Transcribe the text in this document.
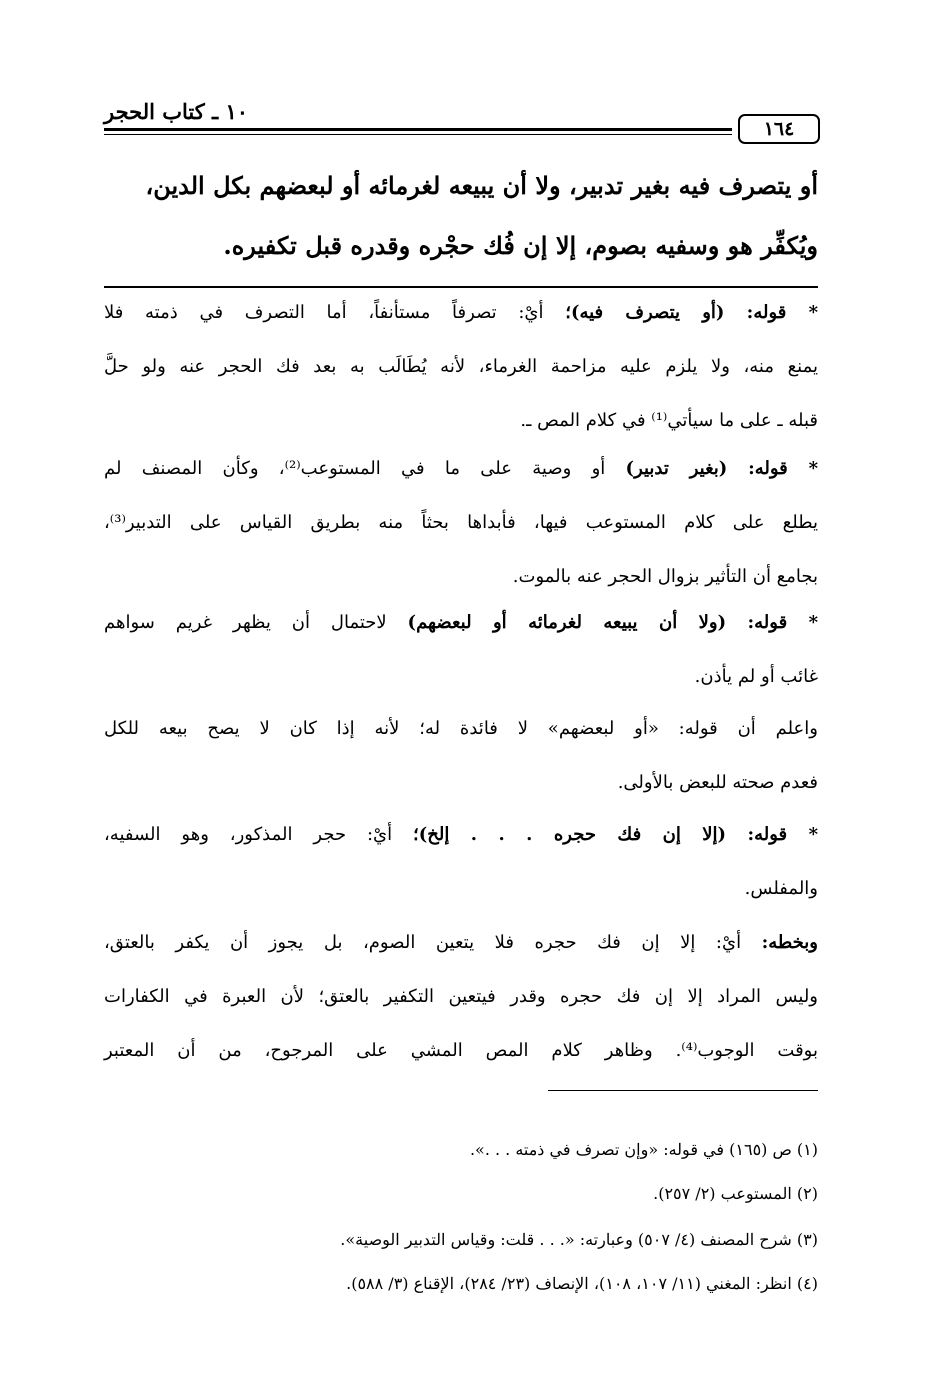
١٠ ـ كتاب الحجر
١٦٤
أو يتصرف فيه بغير تدبير، ولا أن يبيعه لغرمائه أو لبعضهم بكل الدين،
ويُكفِّر هو وسفيه بصوم، إلا إن فُك حجْره وقدره قبل تكفيره.
* قوله: (أو يتصرف فيه)؛ أيْ: تصرفاً مستأنفاً، أما التصرف في ذمته فلا
يمنع منه، ولا يلزم عليه مزاحمة الغرماء، لأنه يُطَالَب به بعد فك الحجر عنه ولو حلَّ
قبله ـ على ما سيأتي⁽¹⁾ في كلام المص ـ.
* قوله: (بغير تدبير) أو وصية على ما في المستوعب⁽²⁾، وكأن المصنف لم
يطلع على كلام المستوعب فيها، فأبداها بحثاً منه بطريق القياس على التدبير⁽³⁾،
بجامع أن التأثير بزوال الحجر عنه بالموت.
* قوله: (ولا أن يبيعه لغرمائه أو لبعضهم) لاحتمال أن يظهر غريم سواهم
غائب أو لم يأذن.
واعلم أن قوله: «أو لبعضهم» لا فائدة له؛ لأنه إذا كان لا يصح بيعه للكل
فعدم صحته للبعض بالأولى.
* قوله: (إلا إن فك حجره . . . إلخ)؛ أيْ: حجر المذكور، وهو السفيه،
والمفلس.
وبخطه: أيْ: إلا إن فك حجره فلا يتعين الصوم، بل يجوز أن يكفر بالعتق،
وليس المراد إلا إن فك حجره وقدر فيتعين التكفير بالعتق؛ لأن العبرة في الكفارات
بوقت الوجوب⁽⁴⁾. وظاهر كلام المص المشي على المرجوح، من أن المعتبر
(١) ص (١٦٥) في قوله: «وإن تصرف في ذمته . . .».
(٢) المستوعب (٢/ ٢٥٧).
(٣) شرح المصنف (٤/ ٥٠٧) وعبارته: «. . . قلت: وقياس التدبير الوصية».
(٤) انظر: المغني (١١/ ١٠٧، ١٠٨)، الإنصاف (٢٣/ ٢٨٤)، الإقناع (٣/ ٥٨٨).
